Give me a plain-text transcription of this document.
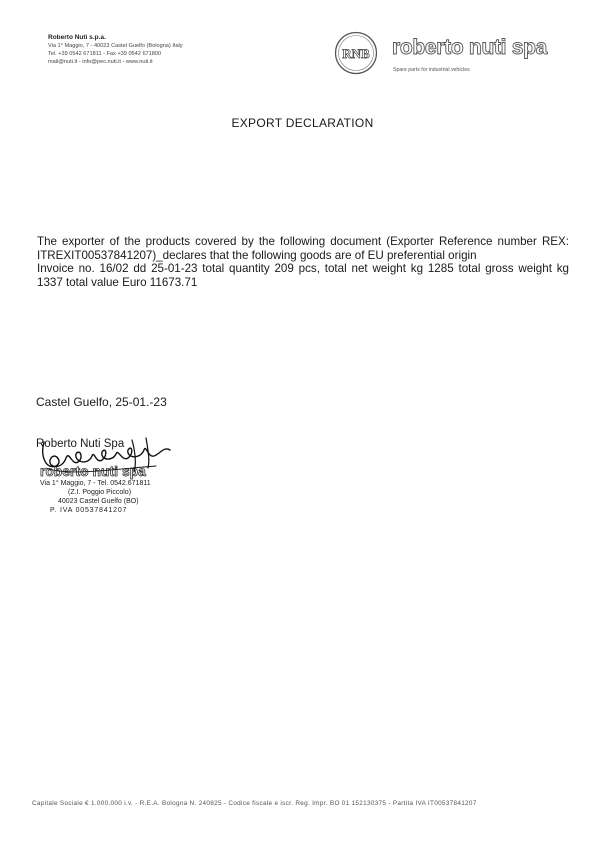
Roberto Nuti s.p.a.
Via 1° Maggio, 7 - 40023 Castel Guelfo (Bologna) Italy
Tel. +39 0542 671811 - Fax +39 0542 671800
mail@nuti.it - info@pec.nuti.it - www.nuti.it
RNB roberto nuti spa
Spare parts for industrial vehicles
EXPORT DECLARATION
The exporter of the products covered by the following document (Exporter Reference number REX: ITREXIT00537841207)_declares that the following goods are of EU preferential origin
Invoice no. 16/02 dd 25-01-23 total quantity 209 pcs, total net weight kg 1285 total gross weight kg 1337 total value Euro 11673.71
Castel Guelfo, 25-01.-23
roberto nuti spa
Via 1° Maggio, 7 - Tel. 0542.671811
(Z.I. Poggio Piccolo)
40023 Castel Guelfo (BO)
P. IVA 00537841207
Roberto Nuti Spa
Capitale Sociale € 1.000.000 i.v. - R.E.A. Bologna N. 240825 - Codice fiscale e iscr. Reg. Impr. BO 01 152130375 - Partita IVA IT00537841207
